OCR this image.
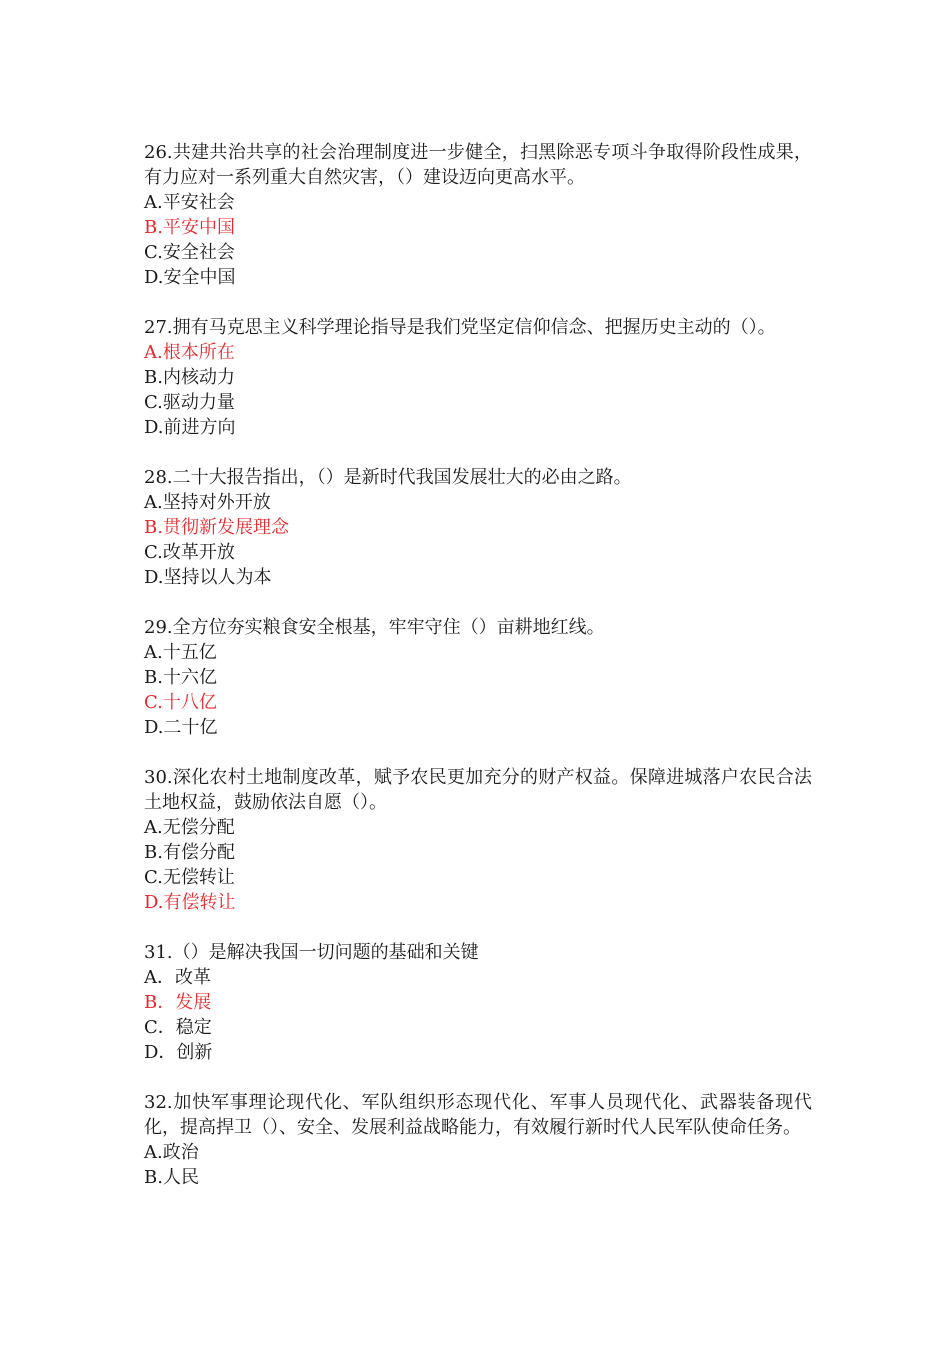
26.共建共治共享的社会治理制度进一步健全，扫黑除恶专项斗争取得阶段性成果，有力应对一系列重大自然灾害，（）建设迈向更高水平。

A.平安社会

B.平安中国

C.安全社会

D.安全中国

27.拥有马克思主义科学理论指导是我们党坚定信仰信念、把握历史主动的（）。

A.根本所在

B.内核动力

C.驱动力量

D.前进方向

28.二十大报告指出，（）是新时代我国发展壮大的必由之路。

A.坚持对外开放

B.贯彻新发展理念

C.改革开放

D.坚持以人为本

29.全方位夯实粮食安全根基，牢牢守住（）亩耕地红线。

A.十五亿

B.十六亿

C.十八亿

D.二十亿

30.深化农村土地制度改革，赋予农民更加充分的财产权益。保障进城落户农民合法土地权益，鼓励依法自愿（）。

A.无偿分配

B.有偿分配

C.无偿转让

D.有偿转让

31.（）是解决我国一切问题的基础和关键

A．改革

B．发展

C．稳定

D．创新

32.加快军事理论现代化、军队组织形态现代化、军事人员现代化、武器装备现代化，提高捍卫（）、安全、发展利益战略能力，有效履行新时代人民军队使命任务。

A.政治

B.人民
